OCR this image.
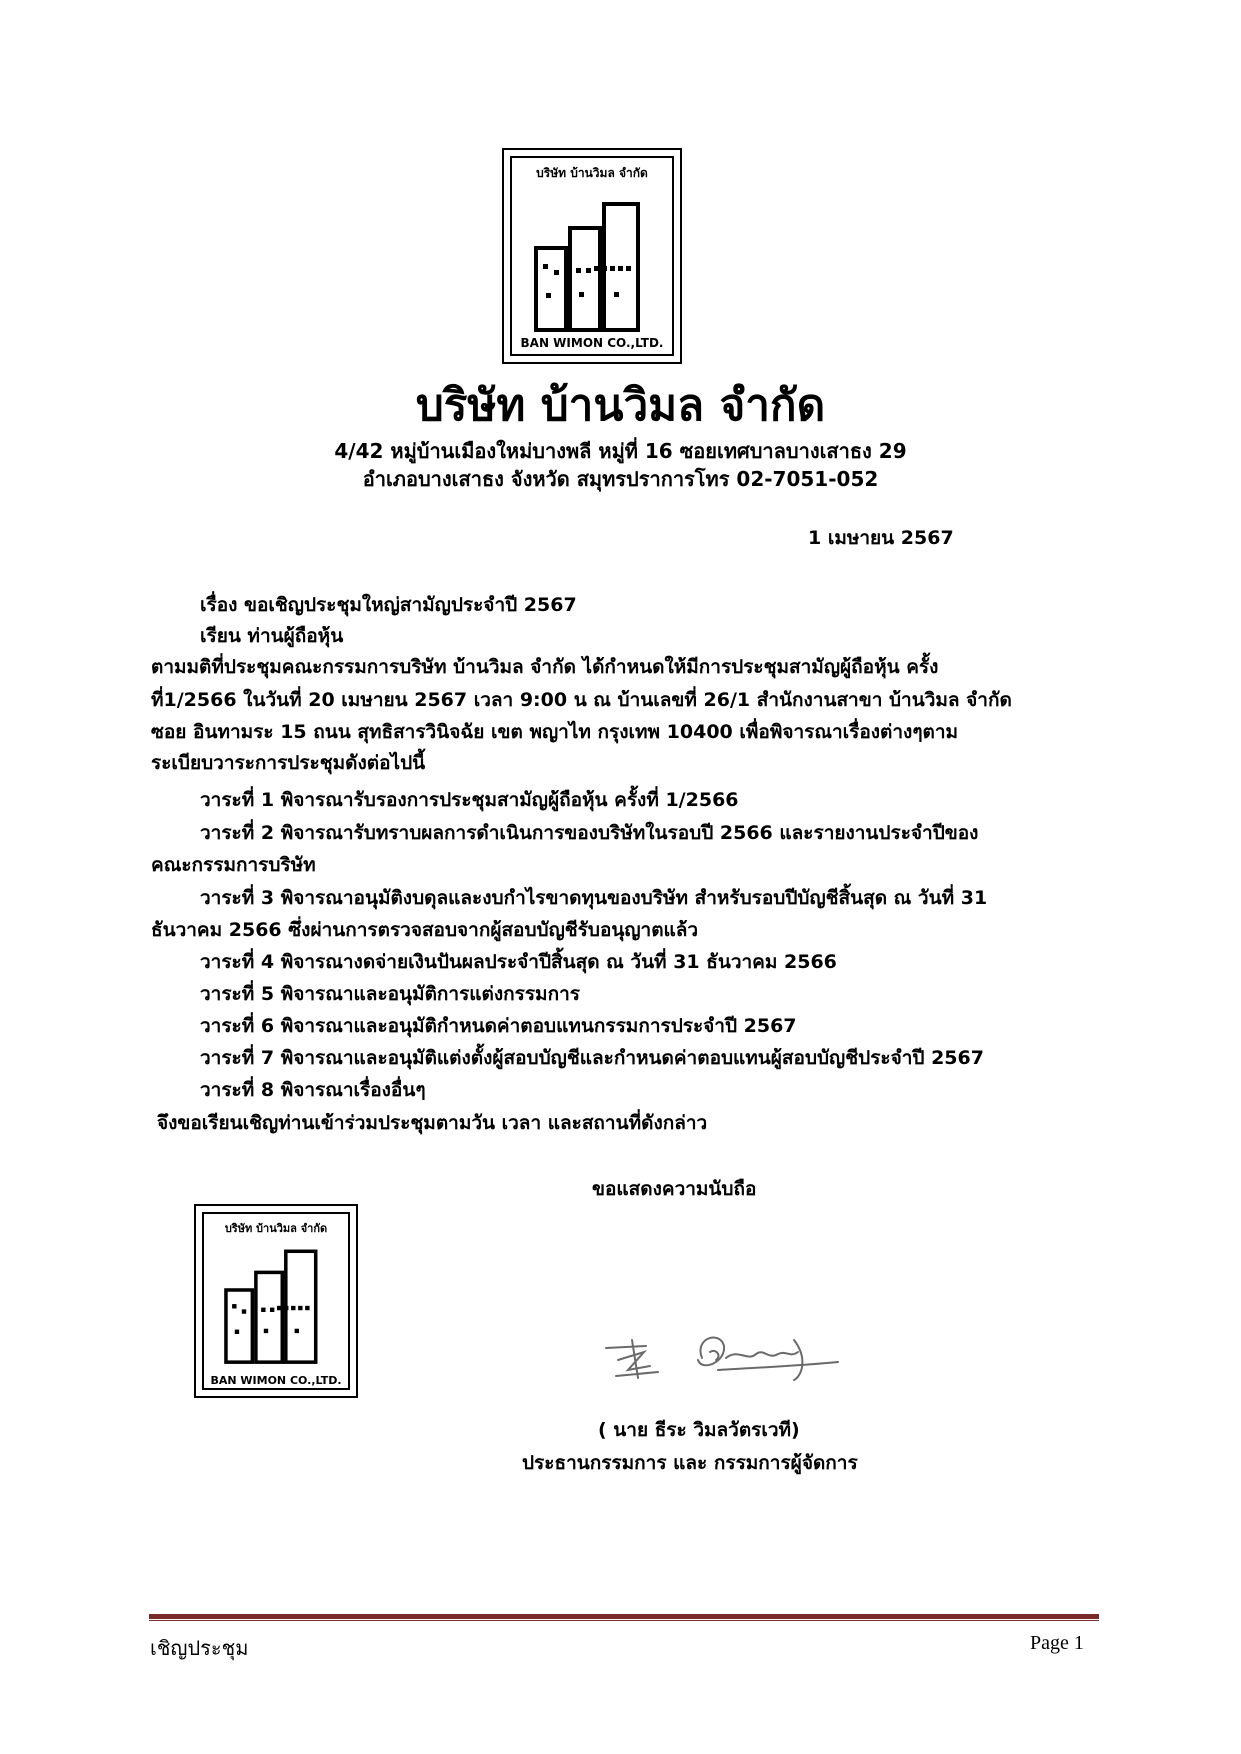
บริษัท บ้านวิมล จำกัด
BAN WIMON CO.,LTD.
บริษัท บ้านวิมล จำกัด
4/42 หมู่บ้านเมืองใหม่บางพลี หมู่ที่ 16 ซอยเทศบาลบางเสาธง 29
อำเภอบางเสาธง จังหวัด สมุทรปราการโทร 02-7051-052
1 เมษายน 2567
เรื่อง ขอเชิญประชุมใหญ่สามัญประจำปี 2567
เรียน ท่านผู้ถือหุ้น
ตามมติที่ประชุมคณะกรรมการบริษัท บ้านวิมล จำกัด ได้กำหนดให้มีการประชุมสามัญผู้ถือหุ้น ครั้ง
ที่1/2566 ในวันที่ 20 เมษายน 2567 เวลา 9:00 น ณ บ้านเลขที่ 26/1 สำนักงานสาขา บ้านวิมล จำกัด
ซอย อินทามระ 15 ถนน สุทธิสารวินิจฉัย เขต พญาไท กรุงเทพ 10400 เพื่อพิจารณาเรื่องต่างๆตาม
ระเบียบวาระการประชุมดังต่อไปนี้
วาระที่ 1 พิจารณารับรองการประชุมสามัญผู้ถือหุ้น ครั้งที่ 1/2566
วาระที่ 2 พิจารณารับทราบผลการดำเนินการของบริษัทในรอบปี 2566 และรายงานประจำปีของ
คณะกรรมการบริษัท
วาระที่ 3 พิจารณาอนุมัติงบดุลและงบกำไรขาดทุนของบริษัท สำหรับรอบปีบัญชีสิ้นสุด ณ วันที่ 31
ธันวาคม 2566 ซึ่งผ่านการตรวจสอบจากผู้สอบบัญชีรับอนุญาตแล้ว
วาระที่ 4 พิจารณางดจ่ายเงินปันผลประจำปีสิ้นสุด ณ วันที่ 31 ธันวาคม 2566
วาระที่ 5 พิจารณาและอนุมัติการแต่งกรรมการ
วาระที่ 6 พิจารณาและอนุมัติกำหนดค่าตอบแทนกรรมการประจำปี 2567
วาระที่ 7 พิจารณาและอนุมัติแต่งตั้งผู้สอบบัญชีและกำหนดค่าตอบแทนผู้สอบบัญชีประจำปี 2567
วาระที่ 8 พิจารณาเรื่องอื่นๆ
จึงขอเรียนเชิญท่านเข้าร่วมประชุมตามวัน เวลา และสถานที่ดังกล่าว
ขอแสดงความนับถือ
บริษัท บ้านวิมล จำกัด
BAN WIMON CO.,LTD.
( นาย ธีระ วิมลวัตรเวที)
ประธานกรรมการ และ กรรมการผู้จัดการ
เชิญประชุม	Page 1
